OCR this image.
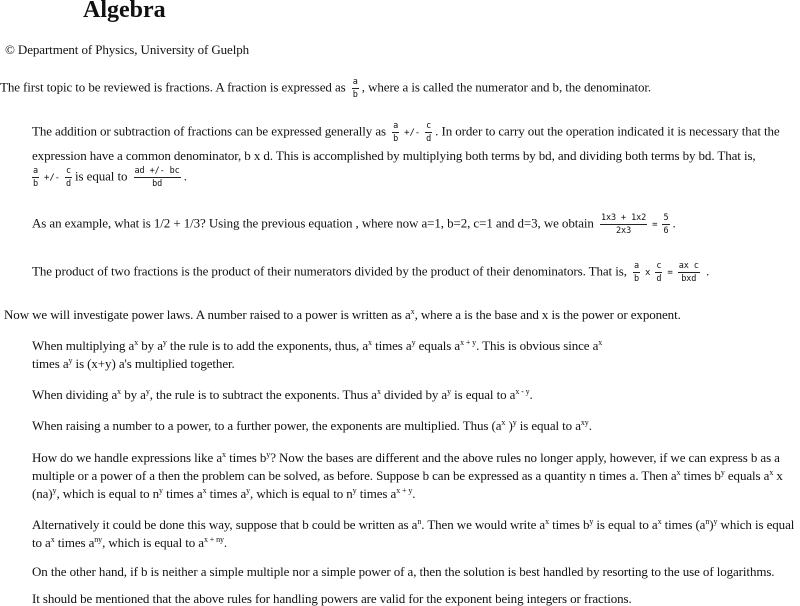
Algebra
© Department of Physics, University of Guelph
The first topic to be reviewed is fractions. A fraction is expressed as $\frac{a}{b}$ , where a is called the numerator and b, the denominator.
The addition or subtraction of fractions can be expressed generally as $\frac{a}{b}$ +/- $\frac{c}{d}$ . In order to carry out the operation indicated it is necessary that the
expression have a common denominator, b x d. This is accomplished by multiplying both terms by bd, and dividing both terms by bd. That is,
$\frac{a}{b}$ +/- $\frac{c}{d}$ is equal to $\frac{ad +/- bc}{bd}$ .
As an example, what is 1/2 + 1/3? Using the previous equation , where now a=1, b=2, c=1 and d=3, we obtain $\frac{1x3 + 1x2}{2x3} = \frac{5}{6}$ .
The product of two fractions is the product of their numerators divided by the product of their denominators. That is, $\frac{a}{b}$ x $\frac{c}{d} = \frac{\text{ax c}}{\text{bxd}}$ .
Now we will investigate power laws. A number raised to a power is written as $a^x$, where a is the base and x is the power or exponent.
When multiplying $a^x$ by $a^y$ the rule is to add the exponents, thus, $a^x$ times $a^y$ equals $a^{x + y}$. This is obvious since $a^x$
times $a^y$ is (x+y) a's multiplied together.
When dividing $a^x$ by $a^y$, the rule is to subtract the exponents. Thus $a^x$ divided by $a^y$ is equal to $a^{x - y}$.
When raising a number to a power, to a further power, the exponents are multiplied. Thus ($a^x$ )$^y$ is equal to $a^{xy}$.
How do we handle expressions like $a^x$ times $b^y$? Now the bases are different and the above rules no longer apply, however, if we can express b as a
multiple or a power of a then the problem can be solved, as before. Suppose b can be expressed as a quantity n times a. Then $a^x$ times $b^y$ equals $a^x$ x
(na)$^y$, which is equal to $n^y$ times $a^x$ times $a^y$, which is equal to $n^y$ times $a^{x + y}$.
Alternatively it could be done this way, suppose that b could be written as $a^n$. Then we would write $a^x$ times $b^y$ is equal to $a^x$ times $(a^n)^y$ which is equal
to $a^x$ times $a^{ny}$, which is equal to $a^{x + ny}$.
On the other hand, if b is neither a simple multiple nor a simple power of a, then the solution is best handled by resorting to the use of logarithms.
It should be mentioned that the above rules for handling powers are valid for the exponent being integers or fractions.
